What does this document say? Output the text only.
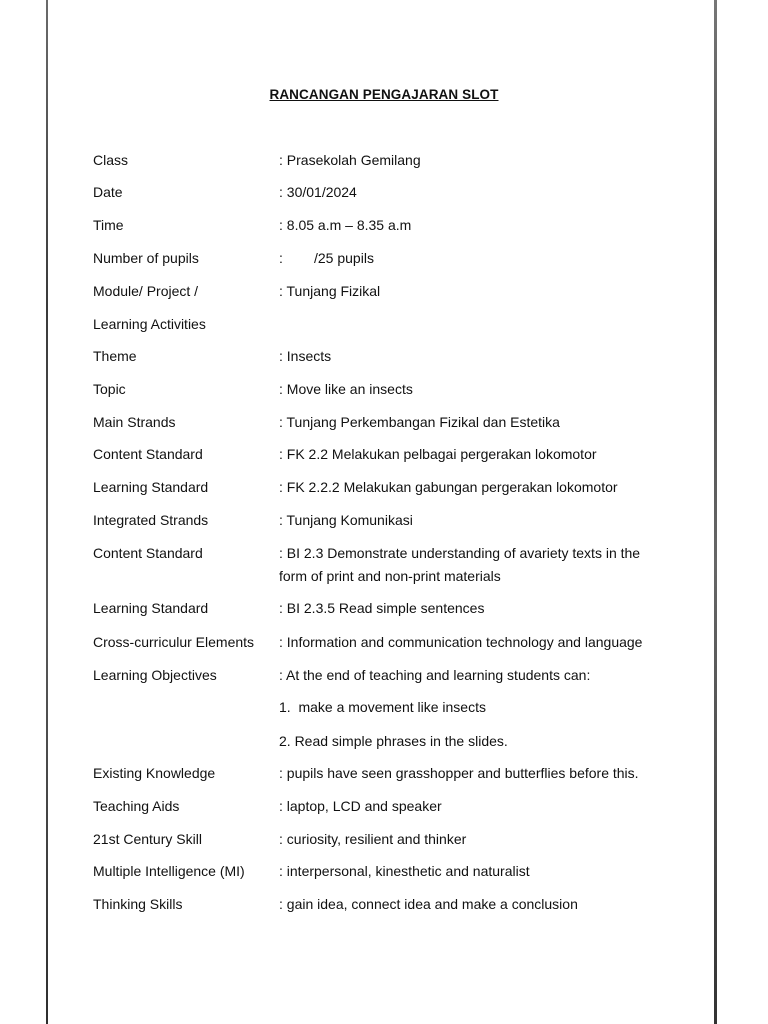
RANCANGAN PENGAJARAN SLOT
Class	: Prasekolah Gemilang
Date	: 30/01/2024
Time	: 8.05 a.m – 8.35 a.m
Number of pupils	:        /25 pupils
Module/ Project /	: Tunjang Fizikal
Learning Activities
Theme	: Insects
Topic	: Move like an insects
Main Strands	: Tunjang Perkembangan Fizikal dan Estetika
Content Standard	: FK 2.2 Melakukan pelbagai pergerakan lokomotor
Learning Standard	: FK 2.2.2 Melakukan gabungan pergerakan lokomotor
Integrated Strands	: Tunjang Komunikasi
Content Standard	: BI 2.3 Demonstrate understanding of avariety texts in the form of print and non-print materials
Learning Standard	: BI 2.3.5 Read simple sentences
Cross-curriculur Elements	: Information and communication technology and language
Learning Objectives	: At the end of teaching and learning students can:
1.  make a movement like insects
2. Read simple phrases in the slides.
Existing Knowledge	: pupils have seen grasshopper and butterflies before this.
Teaching Aids	: laptop, LCD and speaker
21st Century Skill	: curiosity, resilient and thinker
Multiple Intelligence (MI)	: interpersonal, kinesthetic and naturalist
Thinking Skills	: gain idea, connect idea and make a conclusion
